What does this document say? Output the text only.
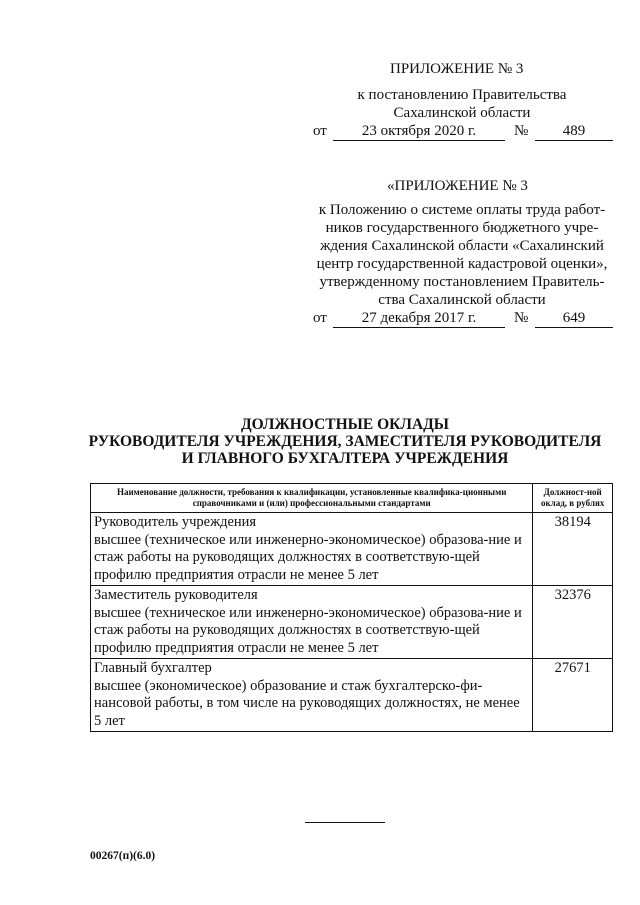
ПРИЛОЖЕНИЕ № 3
к постановлению Правительства
Сахалинской области
от	23 октября 2020 г.	№	489
«ПРИЛОЖЕНИЕ № 3
к Положению о системе оплаты труда работ-
ников государственного бюджетного учре-
ждения Сахалинской области «Сахалинский
центр государственной кадастровой оценки»,
утвержденному постановлением Правитель-
ства Сахалинской области
от	27 декабря 2017 г.	№	649
ДОЛЖНОСТНЫЕ ОКЛАДЫ
РУКОВОДИТЕЛЯ УЧРЕЖДЕНИЯ, ЗАМЕСТИТЕЛЯ РУКОВОДИТЕЛЯ
И ГЛАВНОГО БУХГАЛТЕРА УЧРЕЖДЕНИЯ
Наименование должности, требования к квалификации, установленные квалифика-ционными справочниками и (или) профессиональными стандартами	Должност-ной оклад, в рублях

Руководитель учреждения
высшее (техническое или инженерно-экономическое) образова-ние и стаж работы на руководящих должностях в соответствую-щей профилю предприятия отрасли не менее 5 лет	38194

Заместитель руководителя
высшее (техническое или инженерно-экономическое) образова-ние и стаж работы на руководящих должностях в соответствую-щей профилю предприятия отрасли не менее 5 лет	32376

Главный бухгалтер
высшее (экономическое) образование и стаж бухгалтерско-фи-нансовой работы, в том числе на руководящих должностях, не менее 5 лет	27671
00267(п)(6.0)
